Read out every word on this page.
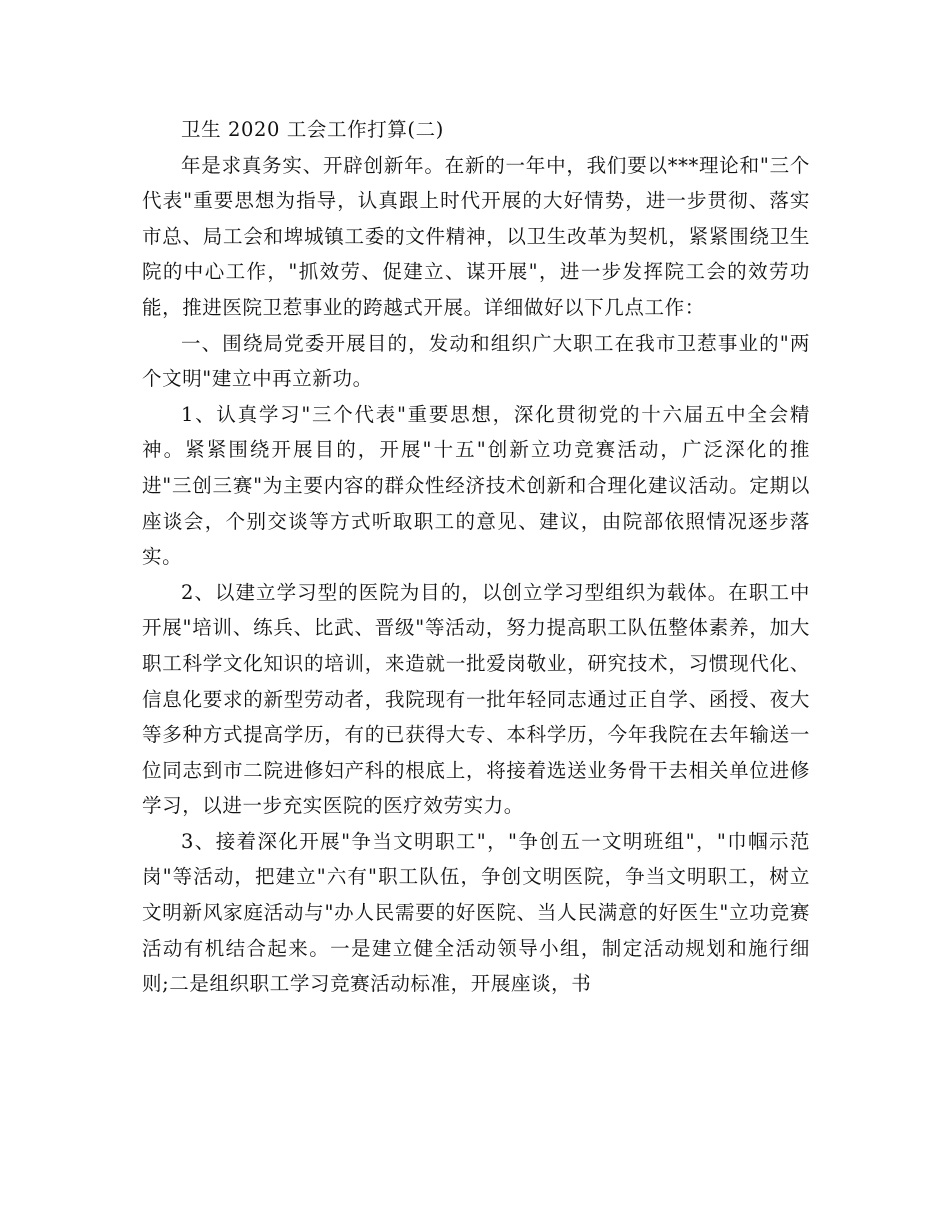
卫生 2020 工会工作打算(二)

年是求真务实、开辟创新年。在新的一年中，我们要以***理论和"三个代表"重要思想为指导，认真跟上时代开展的大好情势，进一步贯彻、落实市总、局工会和埤城镇工委的文件精神，以卫生改革为契机，紧紧围绕卫生院的中心工作，"抓效劳、促建立、谋开展"，进一步发挥院工会的效劳功能，推进医院卫惹事业的跨越式开展。详细做好以下几点工作：

一、围绕局党委开展目的，发动和组织广大职工在我市卫惹事业的"两个文明"建立中再立新功。

1、认真学习"三个代表"重要思想，深化贯彻党的十六届五中全会精神。紧紧围绕开展目的，开展"十五"创新立功竞赛活动，广泛深化的推进"三创三赛"为主要内容的群众性经济技术创新和合理化建议活动。定期以座谈会，个别交谈等方式听取职工的意见、建议，由院部依照情况逐步落实。

2、以建立学习型的医院为目的，以创立学习型组织为载体。在职工中开展"培训、练兵、比武、晋级"等活动，努力提高职工队伍整体素养，加大职工科学文化知识的培训，来造就一批爱岗敬业，研究技术，习惯现代化、信息化要求的新型劳动者，我院现有一批年轻同志通过正自学、函授、夜大等多种方式提高学历，有的已获得大专、本科学历，今年我院在去年输送一位同志到市二院进修妇产科的根底上，将接着选送业务骨干去相关单位进修学习，以进一步充实医院的医疗效劳实力。

3、接着深化开展"争当文明职工"，"争创五一文明班组"，"巾帼示范岗"等活动，把建立"六有"职工队伍，争创文明医院，争当文明职工，树立文明新风家庭活动与"办人民需要的好医院、当人民满意的好医生"立功竞赛活动有机结合起来。一是建立健全活动领导小组，制定活动规划和施行细则;二是组织职工学习竞赛活动标准，开展座谈，书
